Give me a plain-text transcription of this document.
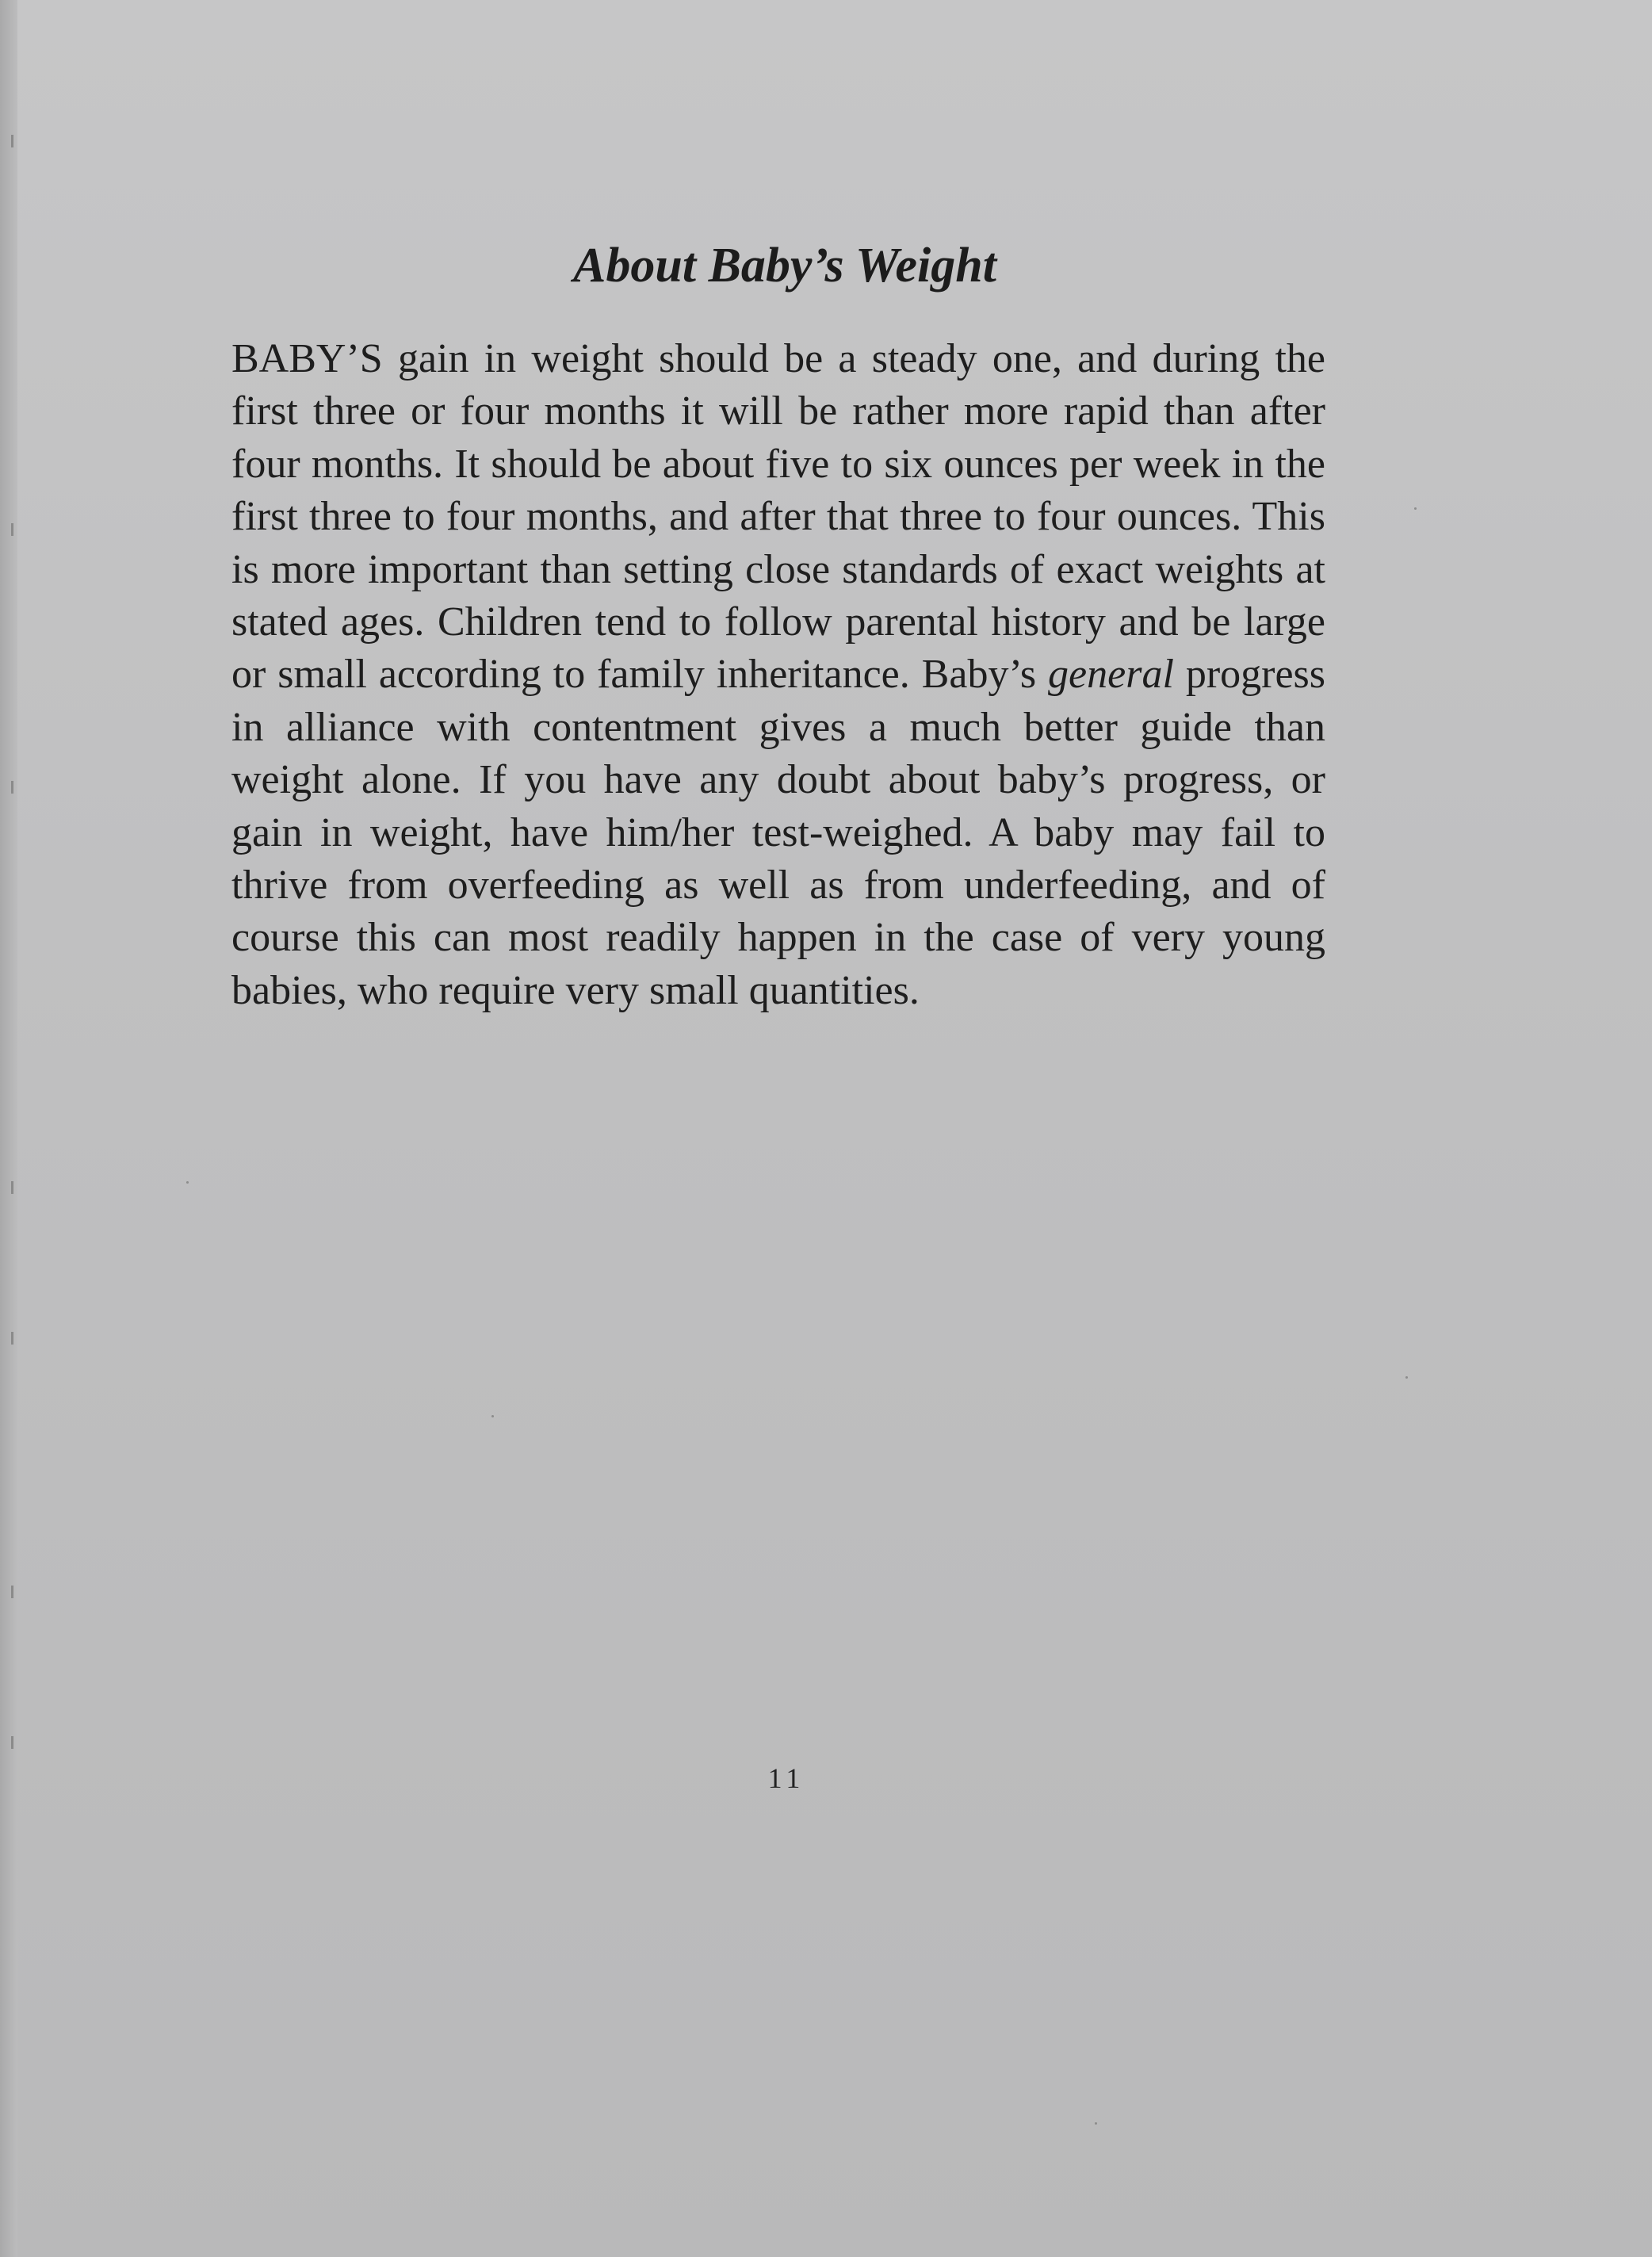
About Baby’s Weight

BABY’S gain in weight should be a steady one, and during the first three or four months it will be rather more rapid than after four months. It should be about five to six ounces per week in the first three to four months, and after that three to four ounces. This is more important than setting close standards of exact weights at stated ages. Children tend to follow parental history and be large or small according to family inheritance. Baby’s general progress in alliance with contentment gives a much better guide than weight alone. If you have any doubt about baby’s progress, or gain in weight, have him/her test-weighed. A baby may fail to thrive from overfeeding as well as from underfeeding, and of course this can most readily happen in the case of very young babies, who require very small quantities.

11
